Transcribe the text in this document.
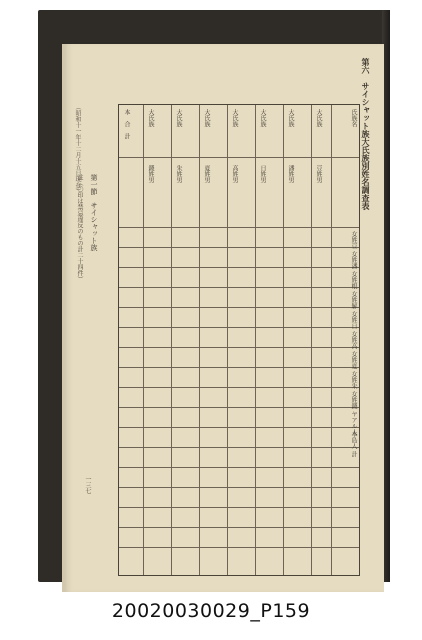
第六　サイシャット族大氏族別姓名調查表
（昭和十一年十二月十五日現在）	氏族名
大氏族
大氏族
大氏族
大氏族
大氏族
大氏族
大氏族
本　合　計
豆姓男
潘姓男
日姓男
高姓男
夏姓男
朱姓男
錢姓男
女姓豆
女姓潘
女姓根
女姓解
女姓日
女姓高
女姓夏
女姓朱
女姓錢
ヤアル人
本島人
計
第一節　サイシャット族
註（〇印は禁忌違反のもの計二十四件）
一三七
20020030029_P159
